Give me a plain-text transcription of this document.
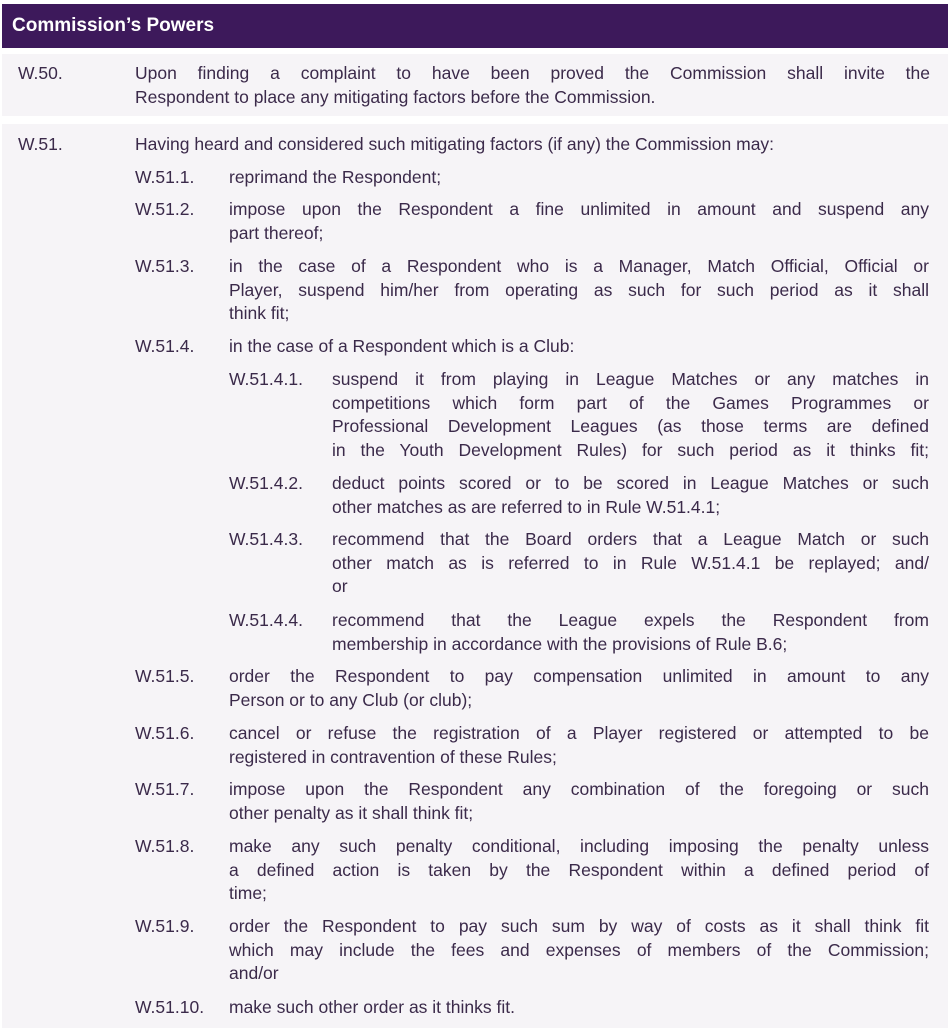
Commission’s Powers
W.50.	Upon finding a complaint to have been proved the Commission shall invite the
Respondent to place any mitigating factors before the Commission.
W.51.	Having heard and considered such mitigating factors (if any) the Commission may:
W.51.1. reprimand the Respondent;
W.51.2. impose upon the Respondent a fine unlimited in amount and suspend any
part thereof;
W.51.3. in the case of a Respondent who is a Manager, Match Official, Official or
Player, suspend him/her from operating as such for such period as it shall
think fit;
W.51.4. in the case of a Respondent which is a Club:
W.51.4.1. suspend it from playing in League Matches or any matches in
competitions which form part of the Games Programmes or
Professional Development Leagues (as those terms are defined
in the Youth Development Rules) for such period as it thinks fit;
W.51.4.2. deduct points scored or to be scored in League Matches or such
other matches as are referred to in Rule W.51.4.1;
W.51.4.3. recommend that the Board orders that a League Match or such
other match as is referred to in Rule W.51.4.1 be replayed; and/
or
W.51.4.4. recommend that the League expels the Respondent from
membership in accordance with the provisions of Rule B.6;
W.51.5. order the Respondent to pay compensation unlimited in amount to any
Person or to any Club (or club);
W.51.6. cancel or refuse the registration of a Player registered or attempted to be
registered in contravention of these Rules;
W.51.7. impose upon the Respondent any combination of the foregoing or such
other penalty as it shall think fit;
W.51.8. make any such penalty conditional, including imposing the penalty unless
a defined action is taken by the Respondent within a defined period of
time;
W.51.9. order the Respondent to pay such sum by way of costs as it shall think fit
which may include the fees and expenses of members of the Commission;
and/or
W.51.10. make such other order as it thinks fit.
